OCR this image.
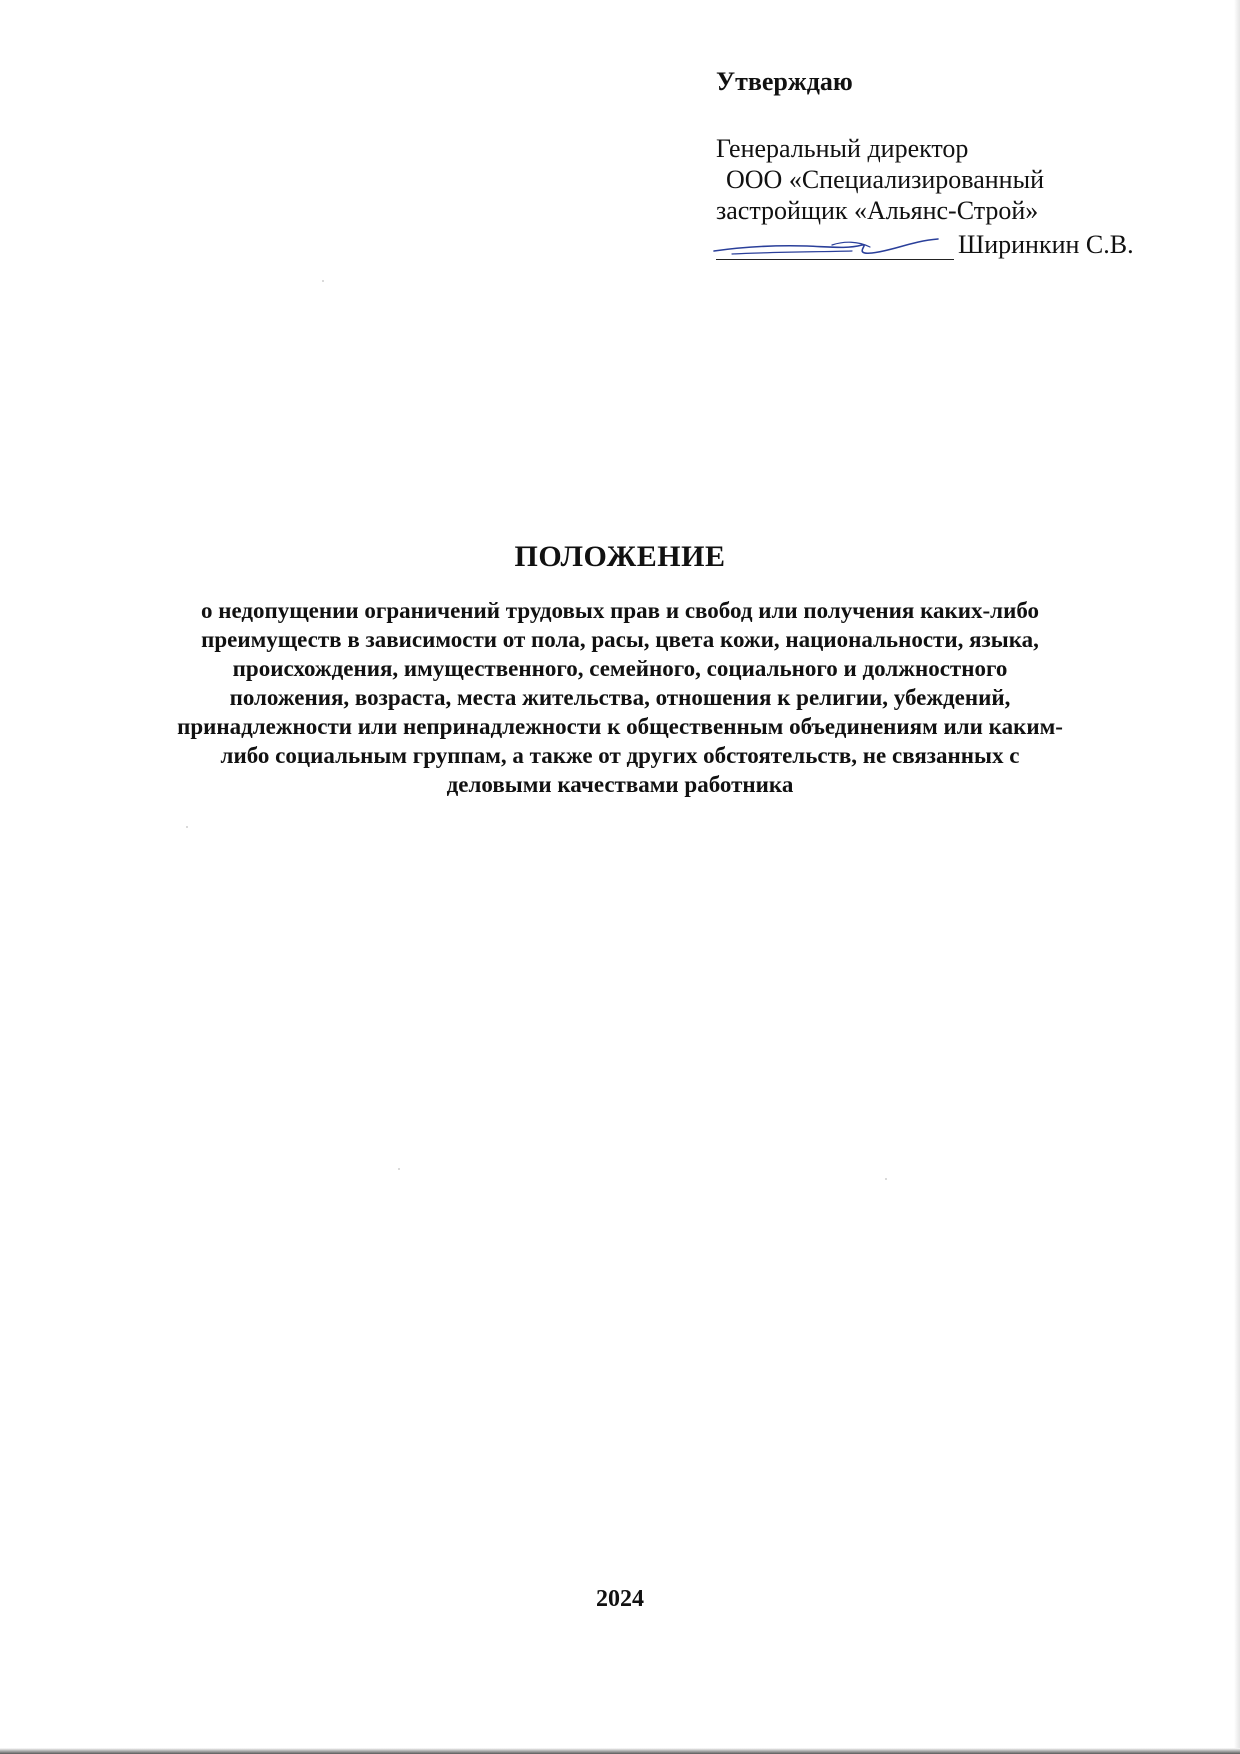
Утверждаю
Генеральный директор
ООО «Специализированный
застройщик «Альянс-Строй»
Ширинкин С.В.
ПОЛОЖЕНИЕ
о недопущении ограничений трудовых прав и свобод или получения каких-либо
преимуществ в зависимости от пола, расы, цвета кожи, национальности, языка,
происхождения, имущественного, семейного, социального и должностного
положения, возраста, места жительства, отношения к религии, убеждений,
принадлежности или непринадлежности к общественным объединениям или каким-
либо социальным группам, а также от других обстоятельств, не связанных с
деловыми качествами работника
2024
